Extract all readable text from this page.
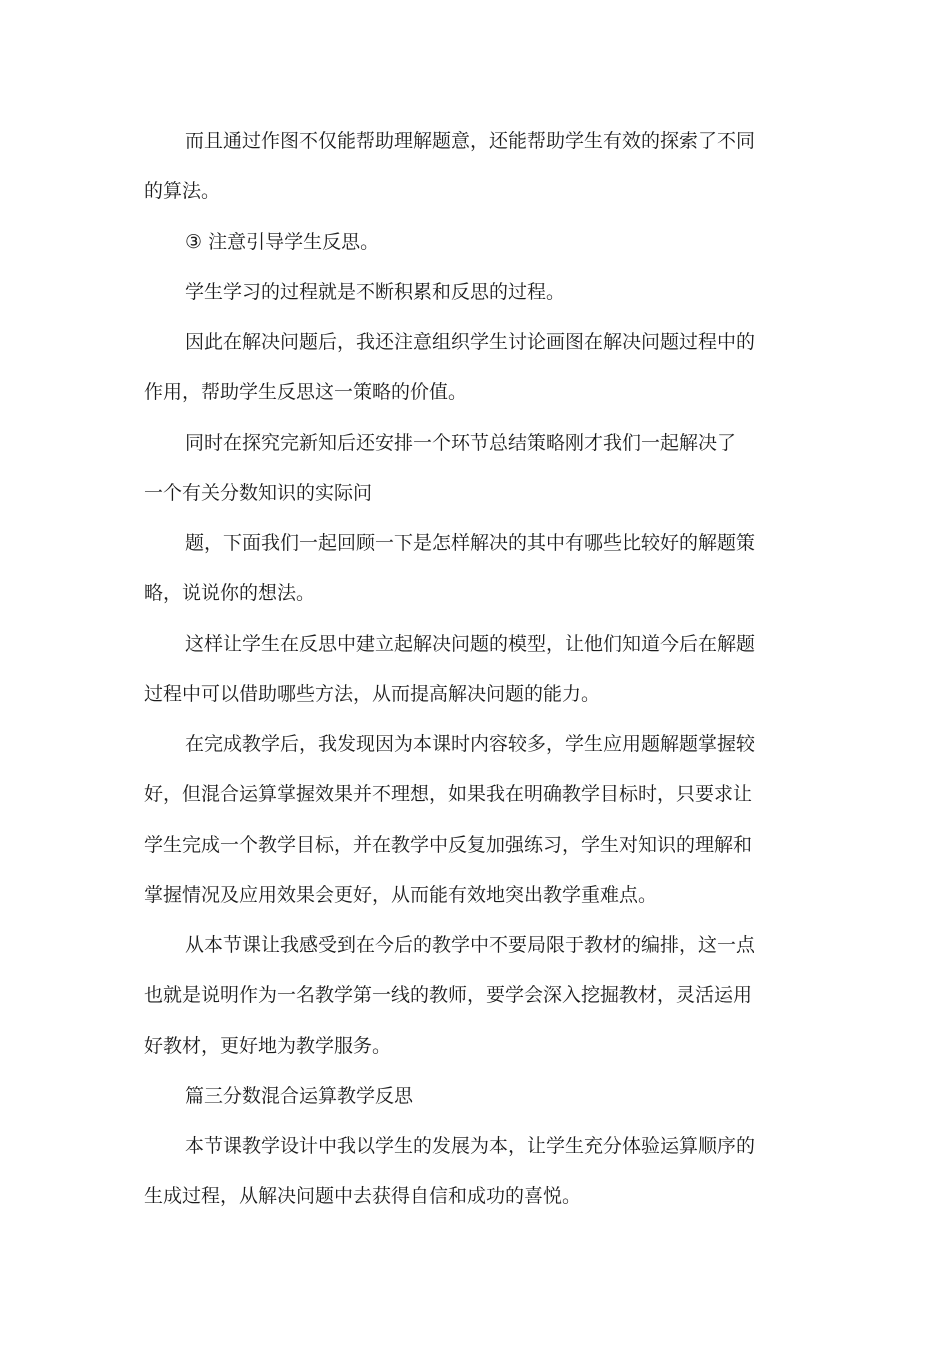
而且通过作图不仅能帮助理解题意，还能帮助学生有效的探索了不同
的算法。
③ 注意引导学生反思。
学生学习的过程就是不断积累和反思的过程。
因此在解决问题后，我还注意组织学生讨论画图在解决问题过程中的
作用，帮助学生反思这一策略的价值。
同时在探究完新知后还安排一个环节总结策略刚才我们一起解决了
一个有关分数知识的实际问
题，下面我们一起回顾一下是怎样解决的其中有哪些比较好的解题策
略，说说你的想法。
这样让学生在反思中建立起解决问题的模型，让他们知道今后在解题
过程中可以借助哪些方法，从而提高解决问题的能力。
在完成教学后，我发现因为本课时内容较多，学生应用题解题掌握较
好，但混合运算掌握效果并不理想，如果我在明确教学目标时，只要求让
学生完成一个教学目标，并在教学中反复加强练习，学生对知识的理解和
掌握情况及应用效果会更好，从而能有效地突出教学重难点。
从本节课让我感受到在今后的教学中不要局限于教材的编排，这一点
也就是说明作为一名教学第一线的教师，要学会深入挖掘教材，灵活运用
好教材，更好地为教学服务。
篇三分数混合运算教学反思
本节课教学设计中我以学生的发展为本，让学生充分体验运算顺序的
生成过程，从解决问题中去获得自信和成功的喜悦。
